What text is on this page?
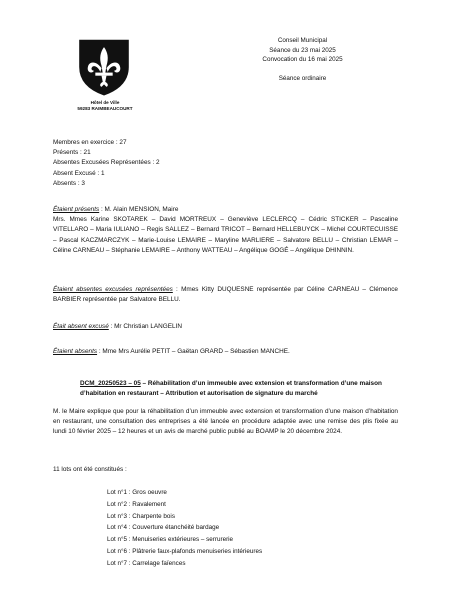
Hôtel de Ville
59283 RAIMBEAUCOURT
Conseil Municipal
Séance du 23 mai 2025
Convocation du 16 mai 2025
Séance ordinaire
Membres en exercice : 27
Présents : 21
Absentes Excusées Représentées : 2
Absent Excusé : 1
Absents : 3
Étaient présents : M. Alain MENSION, Maire

Mrs. Mmes Karine SKOTAREK – David MORTREUX – Geneviève LECLERCQ – Cédric STICKER – Pascaline VITELLARO – Maria IULIANO – Regis SALLEZ – Bernard TRICOT – Bernard HELLEBUYCK – Michel COURTECUISSE – Pascal KACZMARCZYK – Marie-Louise LEMAIRE – Maryline MARLIERE – Salvatore BELLU – Christian LEMAR – Céline CARNEAU – Stéphanie LEMAIRE – Anthony WATTEAU – Angélique GOGÉ – Angélique DHINNIN.

Étaient absentes excusées représentées : Mmes Kitty DUQUESNE représentée par Céline CARNEAU – Clémence BARBIER représentée par Salvatore BELLU.

Était absent excusé : Mr Christian LANGELIN

Étaient absents : Mme Mrs Aurélie PETIT – Gaëtan GRARD – Sébastien MANCHE.

DCM_20250523 – 05 – Réhabilitation d’un immeuble avec extension et transformation d’une maison d’habitation en restaurant – Attribution et autorisation de signature du marché

M. le Maire explique que pour la réhabilitation d’un immeuble avec extension et transformation d’une maison d’habitation en restaurant, une consultation des entreprises a été lancée en procédure adaptée avec une remise des plis fixée au lundi 10 février 2025 – 12 heures et un avis de marché public publié au BOAMP le 20 décembre 2024.

11 lots ont été constitués :
Lot n°1 : Gros oeuvre
Lot n°2 : Ravalement
Lot n°3 : Charpente bois
Lot n°4 : Couverture étanchéité bardage
Lot n°5 : Menuiseries extérieures – serrurerie
Lot n°6 : Plâtrerie faux-plafonds menuiseries intérieures
Lot n°7 : Carrelage faïences
